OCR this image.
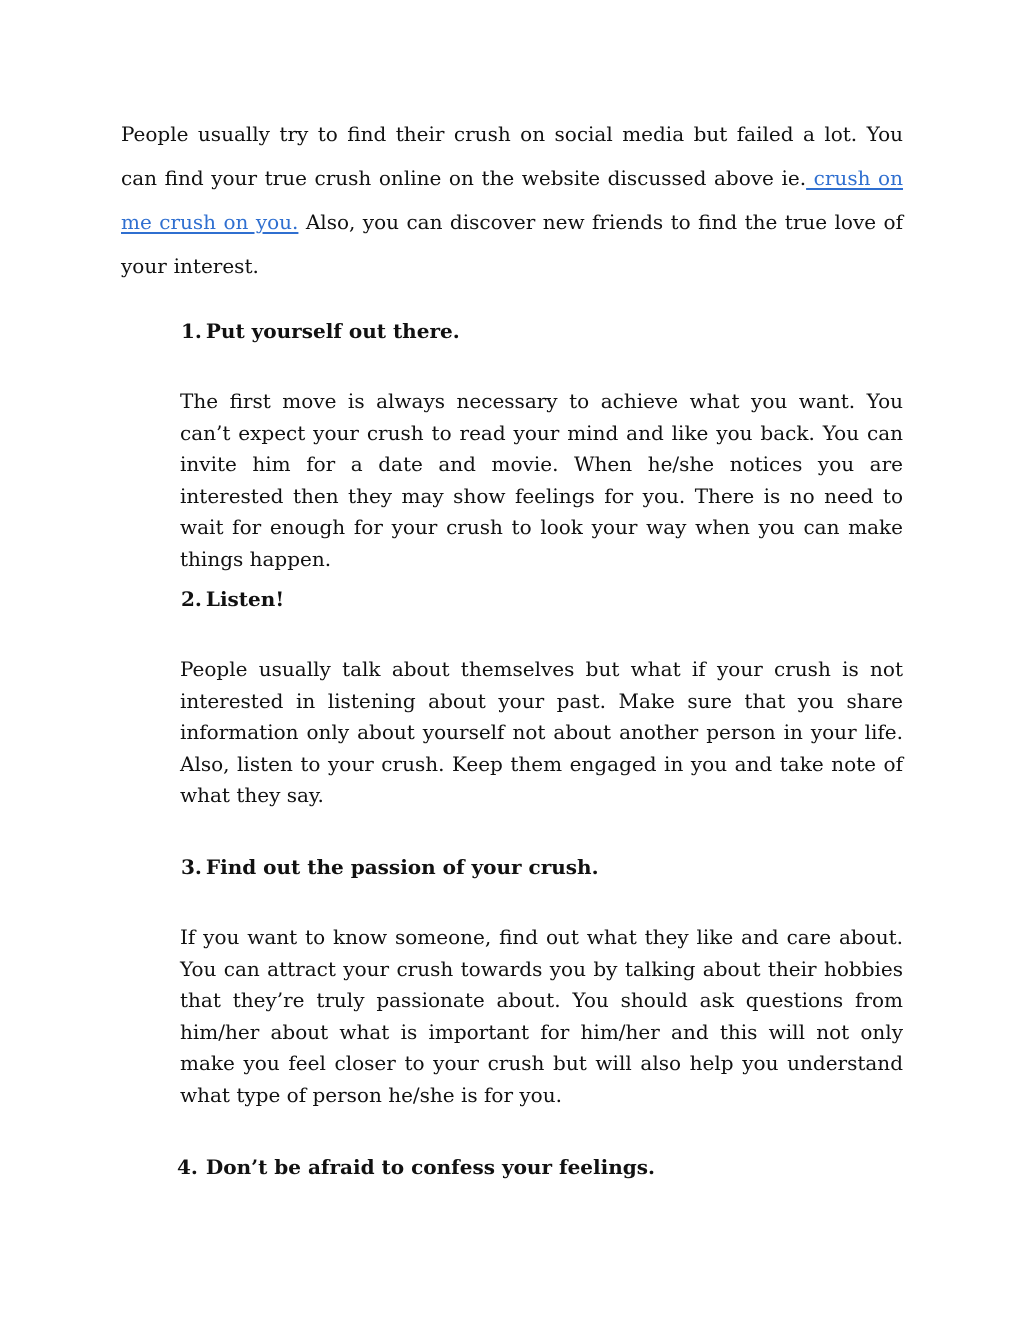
People usually try to find their crush on social media but failed a lot. You can find your true crush online on the website discussed above ie. crush on me crush on you. Also, you can discover new friends to find the true love of your interest.

1. Put yourself out there.

The first move is always necessary to achieve what you want. You can’t expect your crush to read your mind and like you back. You can invite him for a date and movie. When he/she notices you are interested then they may show feelings for you. There is no need to wait for enough for your crush to look your way when you can make things happen.

2. Listen!

People usually talk about themselves but what if your crush is not interested in listening about your past. Make sure that you share information only about yourself not about another person in your life. Also, listen to your crush. Keep them engaged in you and take note of what they say.

3. Find out the passion of your crush.

If you want to know someone, find out what they like and care about. You can attract your crush towards you by talking about their hobbies that they’re truly passionate about. You should ask questions from him/her about what is important for him/her and this will not only make you feel closer to your crush but will also help you understand what type of person he/she is for you.

4. Don’t be afraid to confess your feelings.
